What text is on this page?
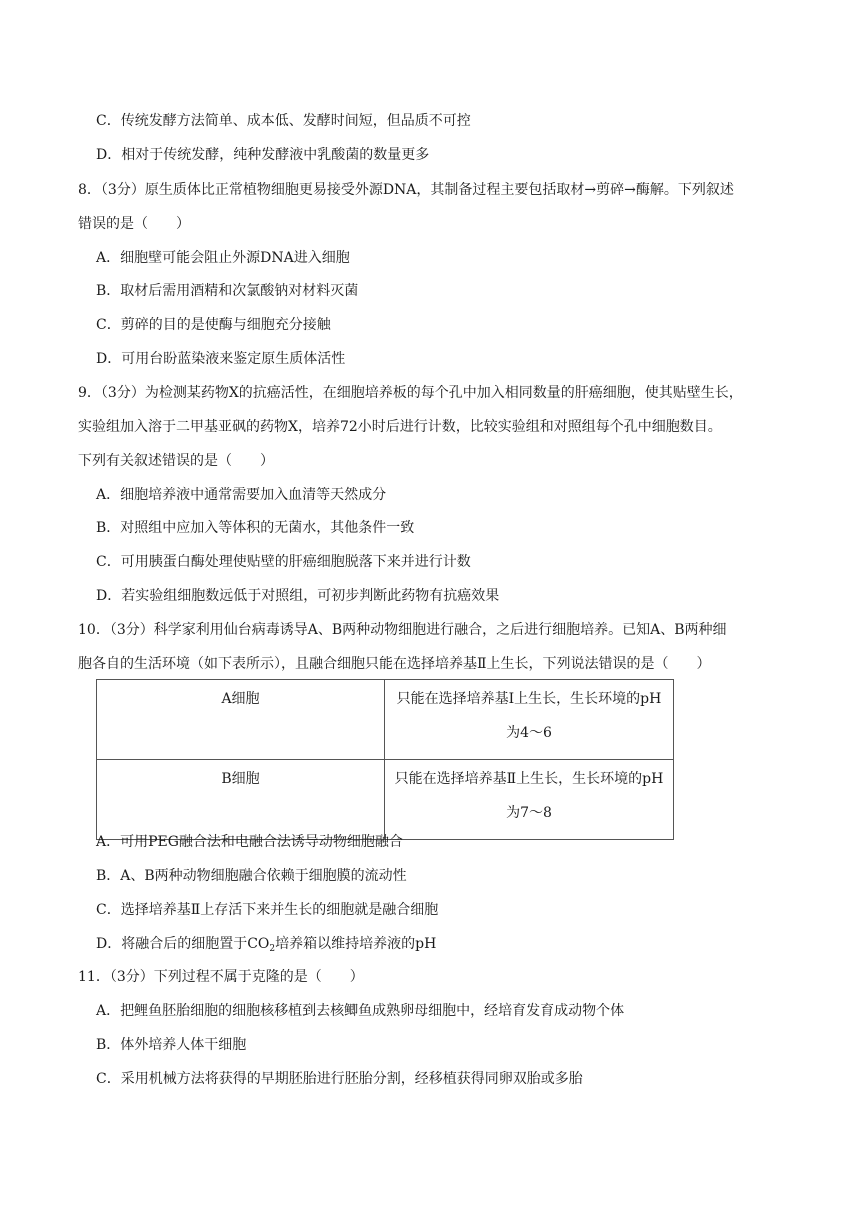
C．传统发酵方法简单、成本低、发酵时间短，但品质不可控
D．相对于传统发酵，纯种发酵液中乳酸菌的数量更多
8．（3分）原生质体比正常植物细胞更易接受外源DNA，其制备过程主要包括取材→剪碎→酶解。下列叙述
错误的是（　　）
A．细胞壁可能会阻止外源DNA进入细胞
B．取材后需用酒精和次氯酸钠对材料灭菌
C．剪碎的目的是使酶与细胞充分接触
D．可用台盼蓝染液来鉴定原生质体活性
9．（3分）为检测某药物X的抗癌活性，在细胞培养板的每个孔中加入相同数量的肝癌细胞，使其贴壁生长，
实验组加入溶于二甲基亚砜的药物X，培养72小时后进行计数，比较实验组和对照组每个孔中细胞数目。
下列有关叙述错误的是（　　）
A．细胞培养液中通常需要加入血清等天然成分
B．对照组中应加入等体积的无菌水，其他条件一致
C．可用胰蛋白酶处理使贴壁的肝癌细胞脱落下来并进行计数
D．若实验组细胞数远低于对照组，可初步判断此药物有抗癌效果
10．（3分）科学家利用仙台病毒诱导A、B两种动物细胞进行融合，之后进行细胞培养。已知A、B两种细
胞各自的生活环境（如下表所示），且融合细胞只能在选择培养基Ⅱ上生长，下列说法错误的是（　　）
A细胞	只能在选择培养基Ⅰ上生长，生长环境的pH
为4～6

B细胞	只能在选择培养基Ⅱ上生长，生长环境的pH
为7～8
A．可用PEG融合法和电融合法诱导动物细胞融合
B．A、B两种动物细胞融合依赖于细胞膜的流动性
C．选择培养基Ⅱ上存活下来并生长的细胞就是融合细胞
D．将融合后的细胞置于$CO_2$培养箱以维持培养液的pH
11．（3分）下列过程不属于克隆的是（　　）
A．把鲤鱼胚胎细胞的细胞核移植到去核鲫鱼成熟卵母细胞中，经培育发育成动物个体
B．体外培养人体干细胞
C．采用机械方法将获得的早期胚胎进行胚胎分割，经移植获得同卵双胎或多胎
